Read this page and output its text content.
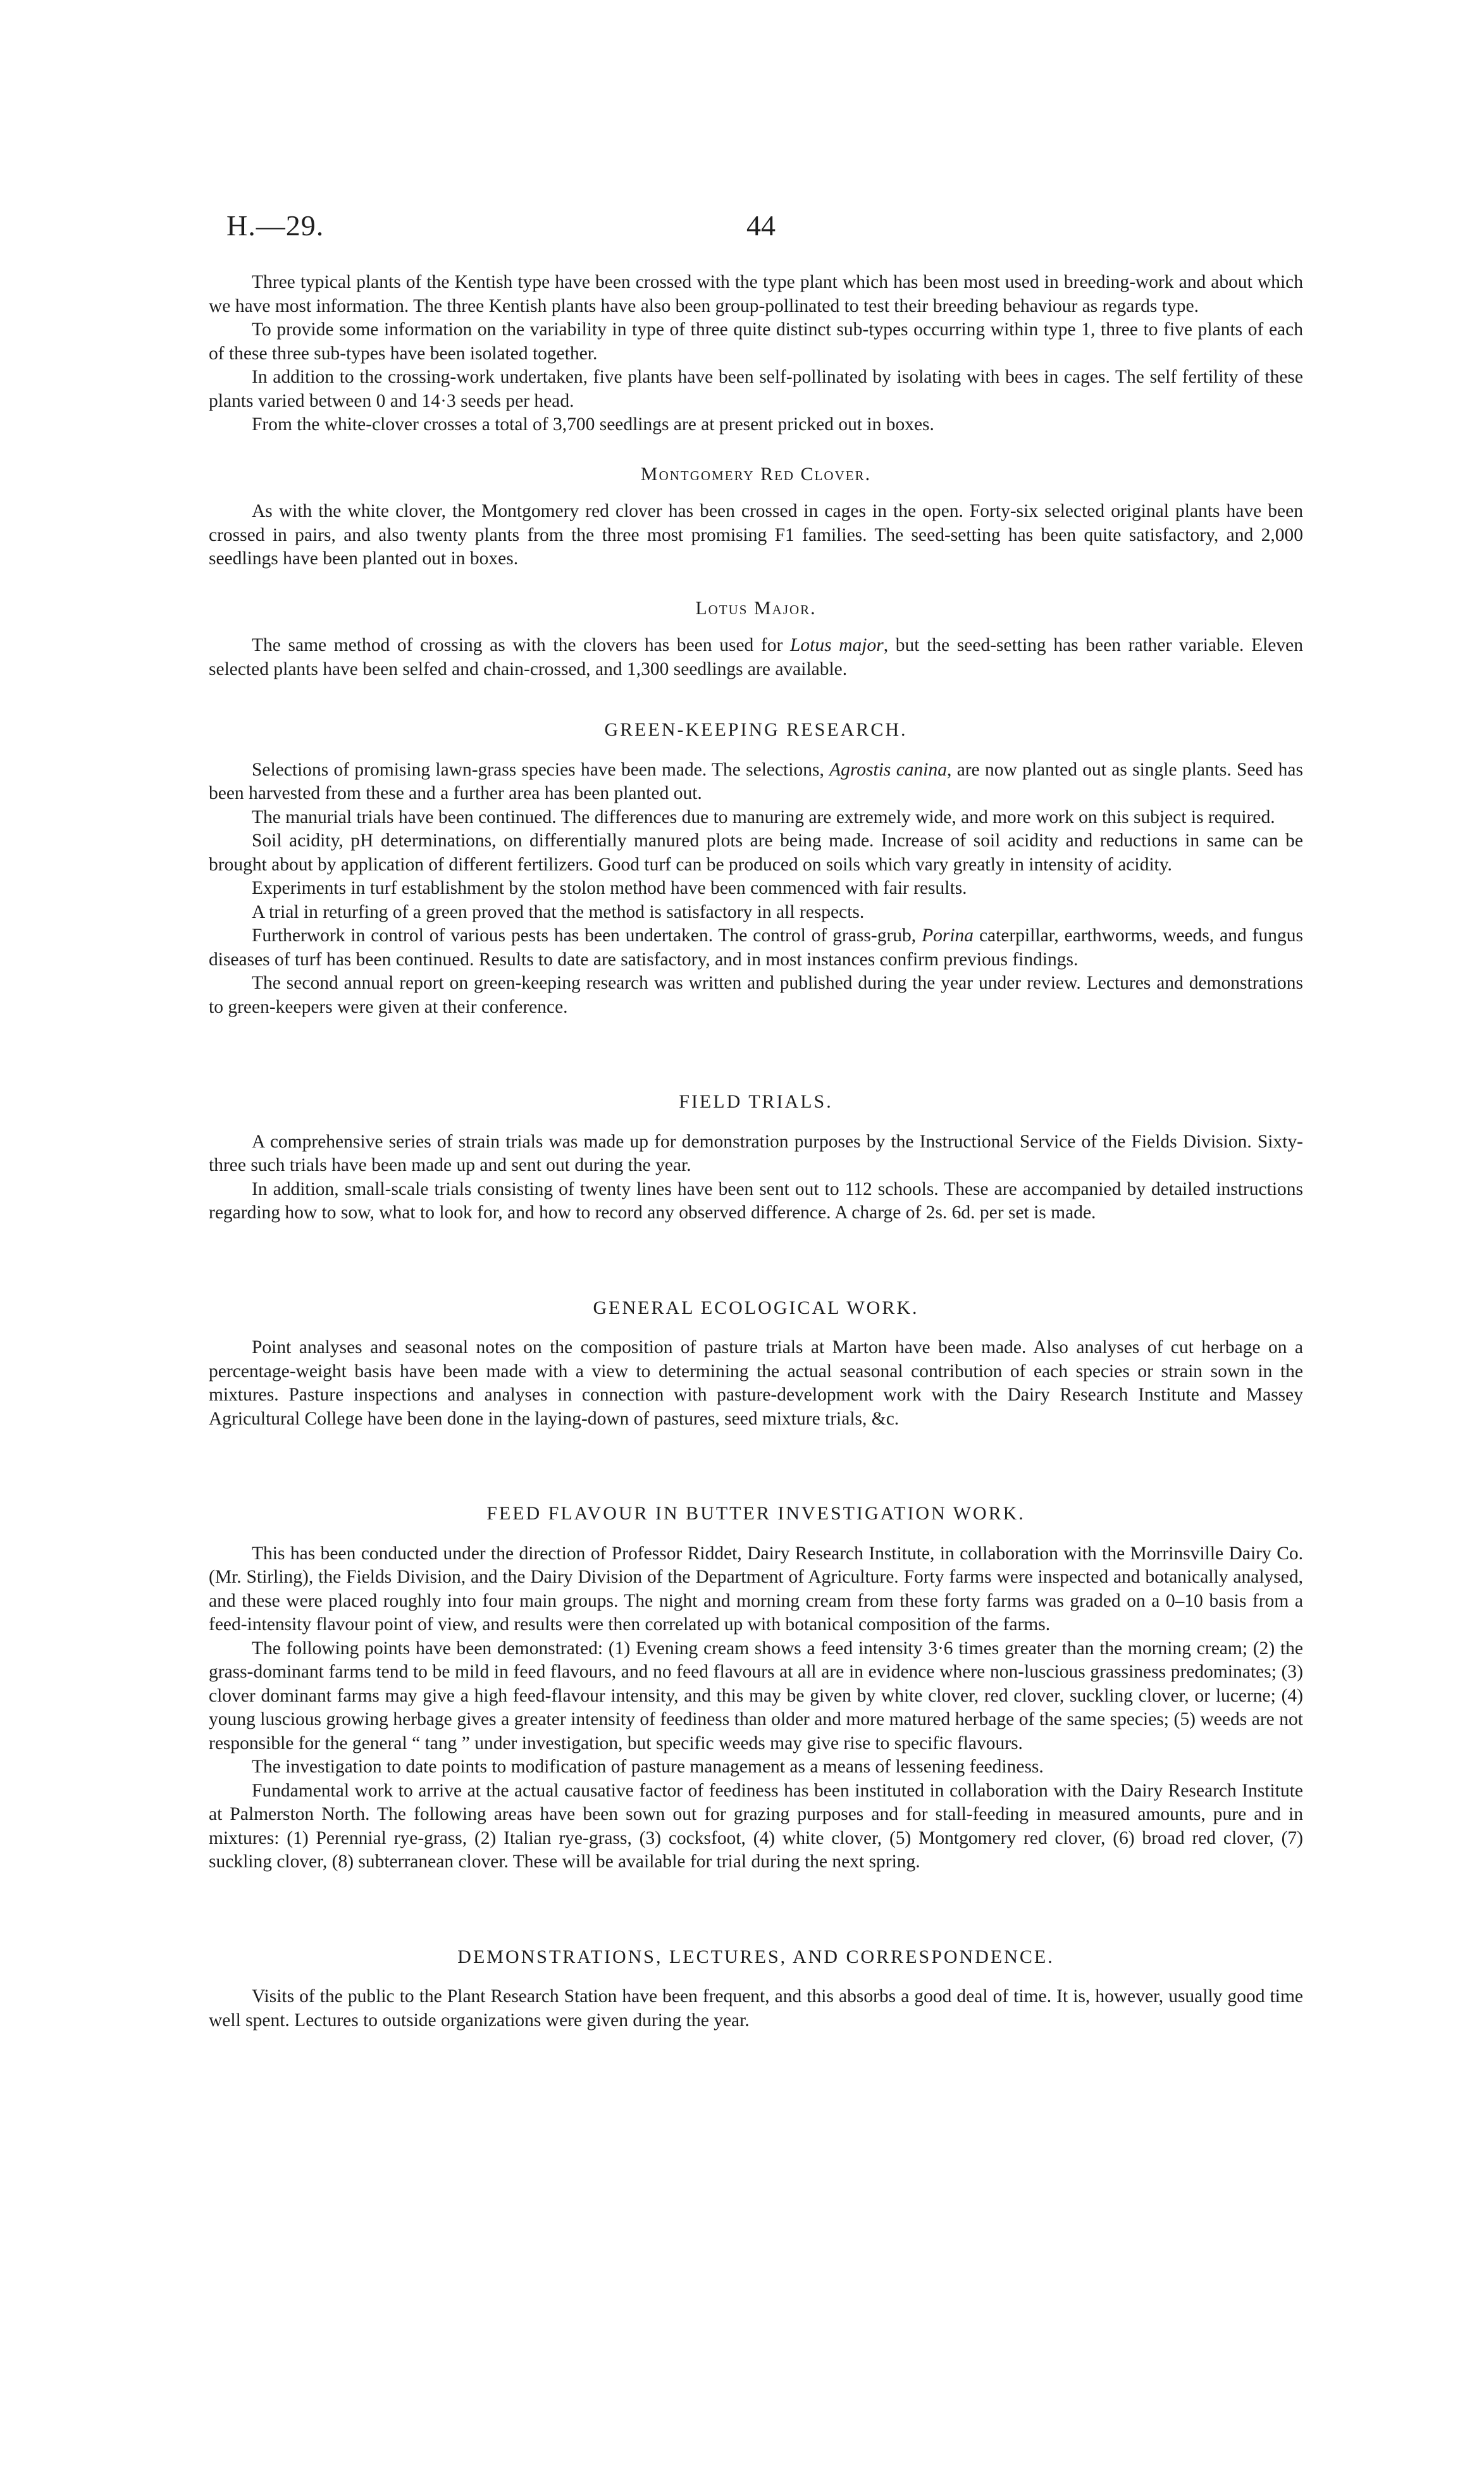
H.—29.	44

Three typical plants of the Kentish type have been crossed with the type plant which has been most used in breeding-work and about which we have most information. The three Kentish plants have also been group-pollinated to test their breeding behaviour as regards type.

To provide some information on the variability in type of three quite distinct sub-types occurring within type 1, three to five plants of each of these three sub-types have been isolated together.

In addition to the crossing-work undertaken, five plants have been self-pollinated by isolating with bees in cages. The self fertility of these plants varied between 0 and 14·3 seeds per head.

From the white-clover crosses a total of 3,700 seedlings are at present pricked out in boxes.

Montgomery Red Clover.

As with the white clover, the Montgomery red clover has been crossed in cages in the open. Forty-six selected original plants have been crossed in pairs, and also twenty plants from the three most promising F1 families. The seed-setting has been quite satisfactory, and 2,000 seedlings have been planted out in boxes.

Lotus Major.

The same method of crossing as with the clovers has been used for Lotus major, but the seed-setting has been rather variable. Eleven selected plants have been selfed and chain-crossed, and 1,300 seedlings are available.

GREEN-KEEPING RESEARCH.

Selections of promising lawn-grass species have been made. The selections, Agrostis canina, are now planted out as single plants. Seed has been harvested from these and a further area has been planted out.

The manurial trials have been continued. The differences due to manuring are extremely wide, and more work on this subject is required.

Soil acidity, pH determinations, on differentially manured plots are being made. Increase of soil acidity and reductions in same can be brought about by application of different fertilizers. Good turf can be produced on soils which vary greatly in intensity of acidity.

Experiments in turf establishment by the stolon method have been commenced with fair results.

A trial in returfing of a green proved that the method is satisfactory in all respects.

Furtherwork in control of various pests has been undertaken. The control of grass-grub, Porina caterpillar, earthworms, weeds, and fungus diseases of turf has been continued. Results to date are satisfactory, and in most instances confirm previous findings.

The second annual report on green-keeping research was written and published during the year under review. Lectures and demonstrations to green-keepers were given at their conference.

FIELD TRIALS.

A comprehensive series of strain trials was made up for demonstration purposes by the Instructional Service of the Fields Division. Sixty-three such trials have been made up and sent out during the year.

In addition, small-scale trials consisting of twenty lines have been sent out to 112 schools. These are accompanied by detailed instructions regarding how to sow, what to look for, and how to record any observed difference. A charge of 2s. 6d. per set is made.

GENERAL ECOLOGICAL WORK.

Point analyses and seasonal notes on the composition of pasture trials at Marton have been made. Also analyses of cut herbage on a percentage-weight basis have been made with a view to determining the actual seasonal contribution of each species or strain sown in the mixtures. Pasture inspections and analyses in connection with pasture-development work with the Dairy Research Institute and Massey Agricultural College have been done in the laying-down of pastures, seed mixture trials, &c.

FEED FLAVOUR IN BUTTER INVESTIGATION WORK.

This has been conducted under the direction of Professor Riddet, Dairy Research Institute, in collaboration with the Morrinsville Dairy Co. (Mr. Stirling), the Fields Division, and the Dairy Division of the Department of Agriculture. Forty farms were inspected and botanically analysed, and these were placed roughly into four main groups. The night and morning cream from these forty farms was graded on a 0–10 basis from a feed-intensity flavour point of view, and results were then correlated up with botanical composition of the farms.

The following points have been demonstrated: (1) Evening cream shows a feed intensity 3·6 times greater than the morning cream; (2) the grass-dominant farms tend to be mild in feed flavours, and no feed flavours at all are in evidence where non-luscious grassiness predominates; (3) clover dominant farms may give a high feed-flavour intensity, and this may be given by white clover, red clover, suckling clover, or lucerne; (4) young luscious growing herbage gives a greater intensity of feediness than older and more matured herbage of the same species; (5) weeds are not responsible for the general “ tang ” under investigation, but specific weeds may give rise to specific flavours.

The investigation to date points to modification of pasture management as a means of lessening feediness.

Fundamental work to arrive at the actual causative factor of feediness has been instituted in collaboration with the Dairy Research Institute at Palmerston North. The following areas have been sown out for grazing purposes and for stall-feeding in measured amounts, pure and in mixtures: (1) Perennial rye-grass, (2) Italian rye-grass, (3) cocksfoot, (4) white clover, (5) Montgomery red clover, (6) broad red clover, (7) suckling clover, (8) subterranean clover. These will be available for trial during the next spring.

DEMONSTRATIONS, LECTURES, AND CORRESPONDENCE.

Visits of the public to the Plant Research Station have been frequent, and this absorbs a good deal of time. It is, however, usually good time well spent. Lectures to outside organizations were given during the year.
